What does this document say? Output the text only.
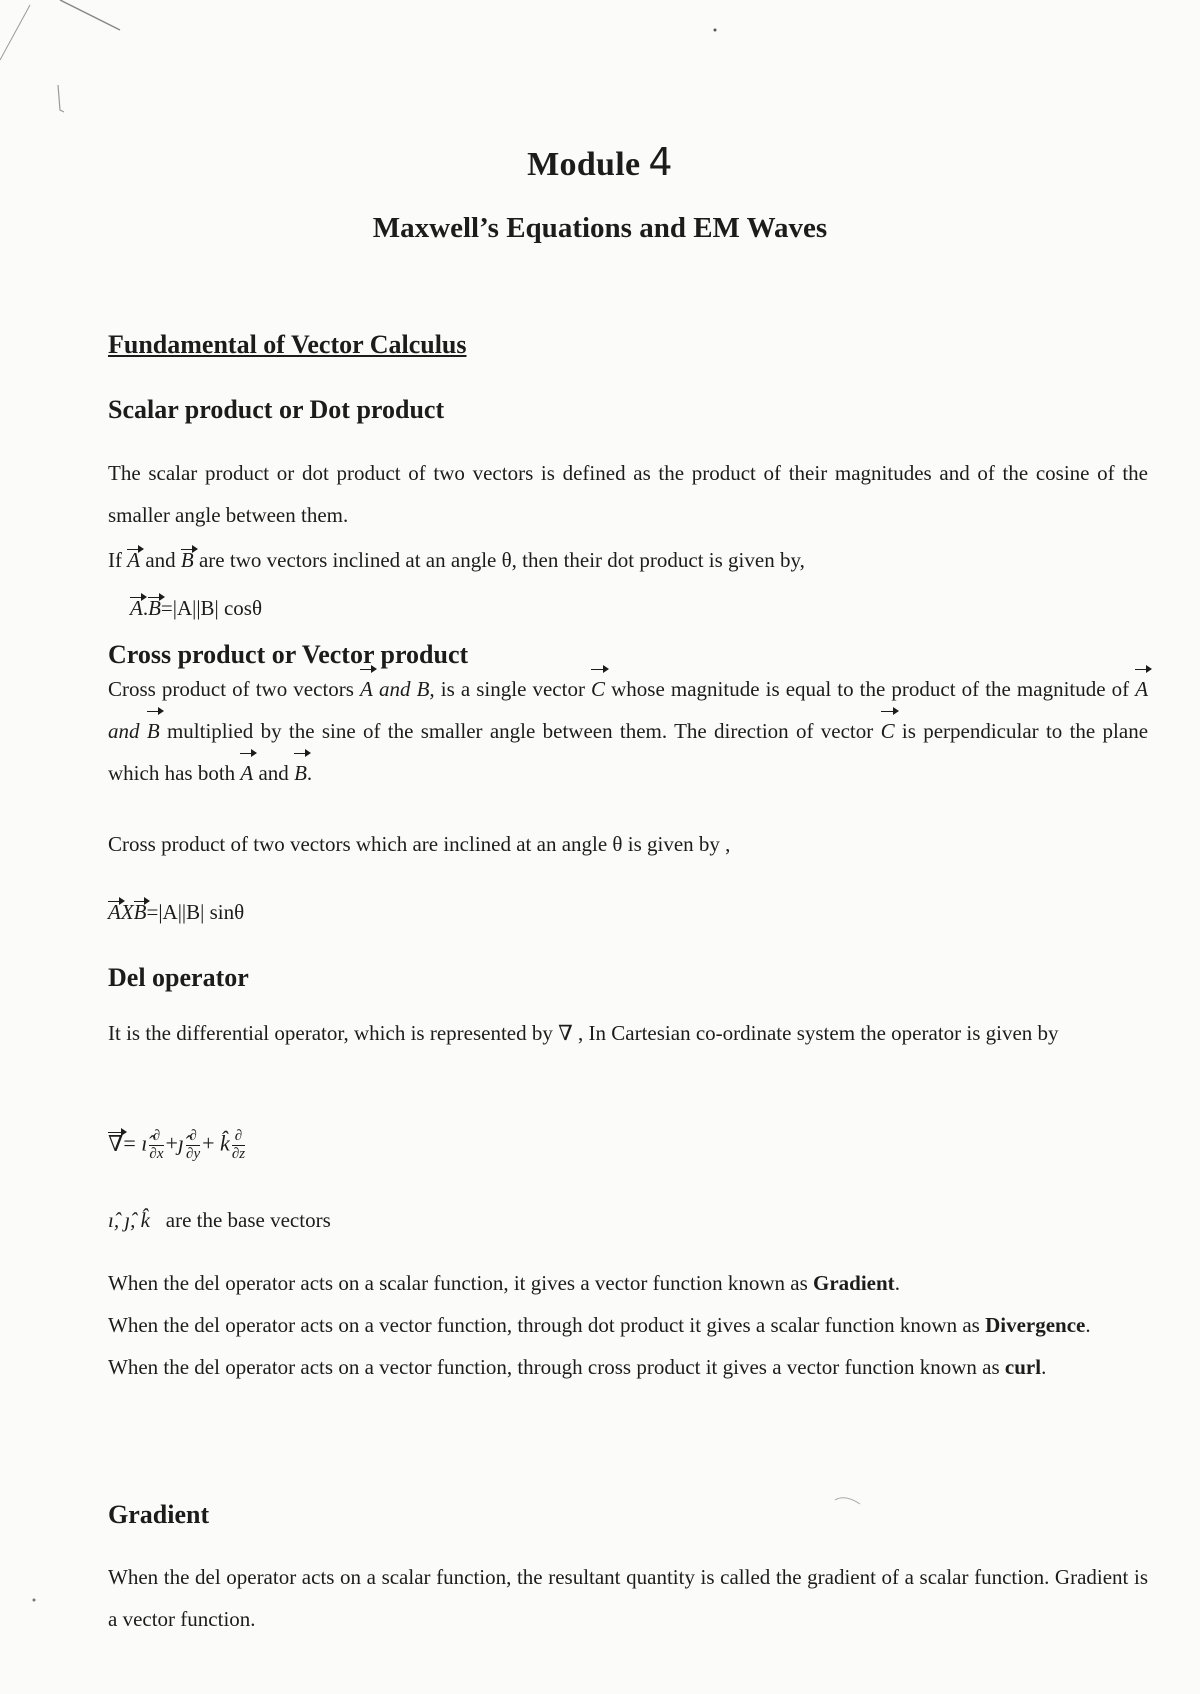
Module 4
Maxwell’s Equations and EM Waves
Fundamental of Vector Calculus
Scalar product or Dot product
The scalar product or dot product of two vectors is defined as the product of their magnitudes and of the cosine of the smaller angle between them.
If A and B are two vectors inclined at an angle θ, then their dot product is given by,
A.B=|A||B| cosθ
Cross product or Vector product
Cross product of two vectors A and B, is a single vector C whose magnitude is equal to the product of the magnitude of A and B multiplied by the sine of the smaller angle between them. The direction of vector C is perpendicular to the plane which has both A and B.
Cross product of two vectors which are inclined at an angle θ is given by ,
AXB=|A||B| sinθ
Del operator
It is the differential operator, which is represented by ∇ , In Cartesian co-ordinate system the operator is given by
∇= ı̂ $\frac{\partial}{\partial x}$ +ȷ̂ $\frac{\partial}{\partial y}$ + k̂ $\frac{\partial}{\partial z}$
ı̂, ȷ̂, k̂ are the base vectors
When the del operator acts on a scalar function, it gives a vector function known as Gradient.
When the del operator acts on a vector function, through dot product it gives a scalar function known as Divergence.
When the del operator acts on a vector function, through cross product it gives a vector function known as curl.
Gradient
When the del operator acts on a scalar function, the resultant quantity is called the gradient of a scalar function. Gradient is a vector function.
